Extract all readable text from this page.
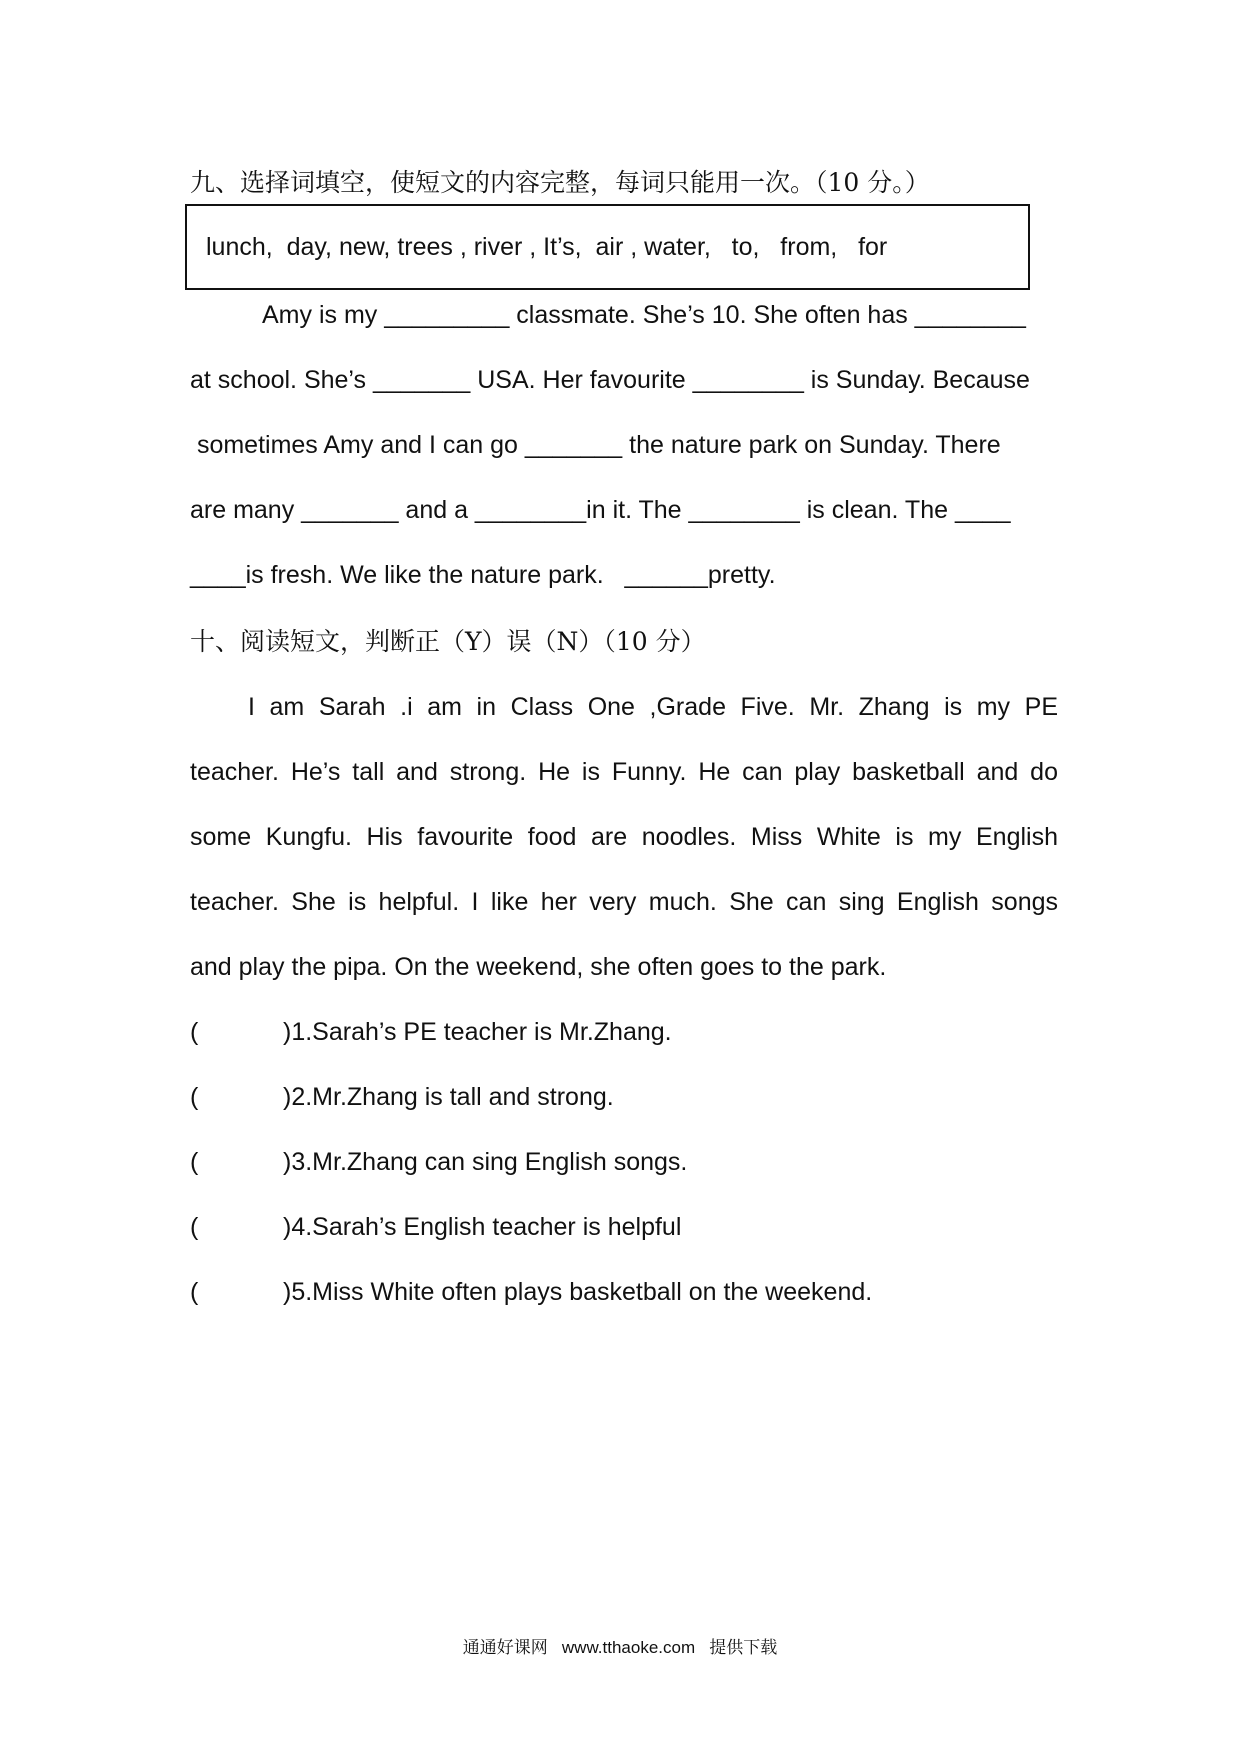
九、选择词填空，使短文的内容完整，每词只能用一次。（10 分。）
lunch,  day, new, trees , river , It’s,  air , water,   to,   from,   for
Amy is my _________ classmate. She’s 10. She often has ________
at school. She’s _______ USA. Her favourite ________ is Sunday. Because
sometimes Amy and I can go _______ the nature park on Sunday. There
are many _______ and a ________in it. The ________ is clean. The ____
____is fresh. We like the nature park.   ______pretty.
十、阅读短文，判断正（Y）误（N）（10 分）
I am Sarah .i am in Class One ,Grade Five. Mr. Zhang is my PE
teacher. He’s tall and strong. He is Funny. He can play basketball and do
some Kungfu. His favourite food are noodles. Miss White is my English
teacher. She is helpful. I like her very much. She can sing English songs
and play the pipa. On the weekend, she often goes to the park.
(	)1.Sarah’s PE teacher is Mr.Zhang.
(	)2.Mr.Zhang is tall and strong.
(	)3.Mr.Zhang can sing English songs.
(	)4.Sarah’s English teacher is helpful
(	)5.Miss White often plays basketball on the weekend.
通通好课网   www.tthaoke.com   提供下载
